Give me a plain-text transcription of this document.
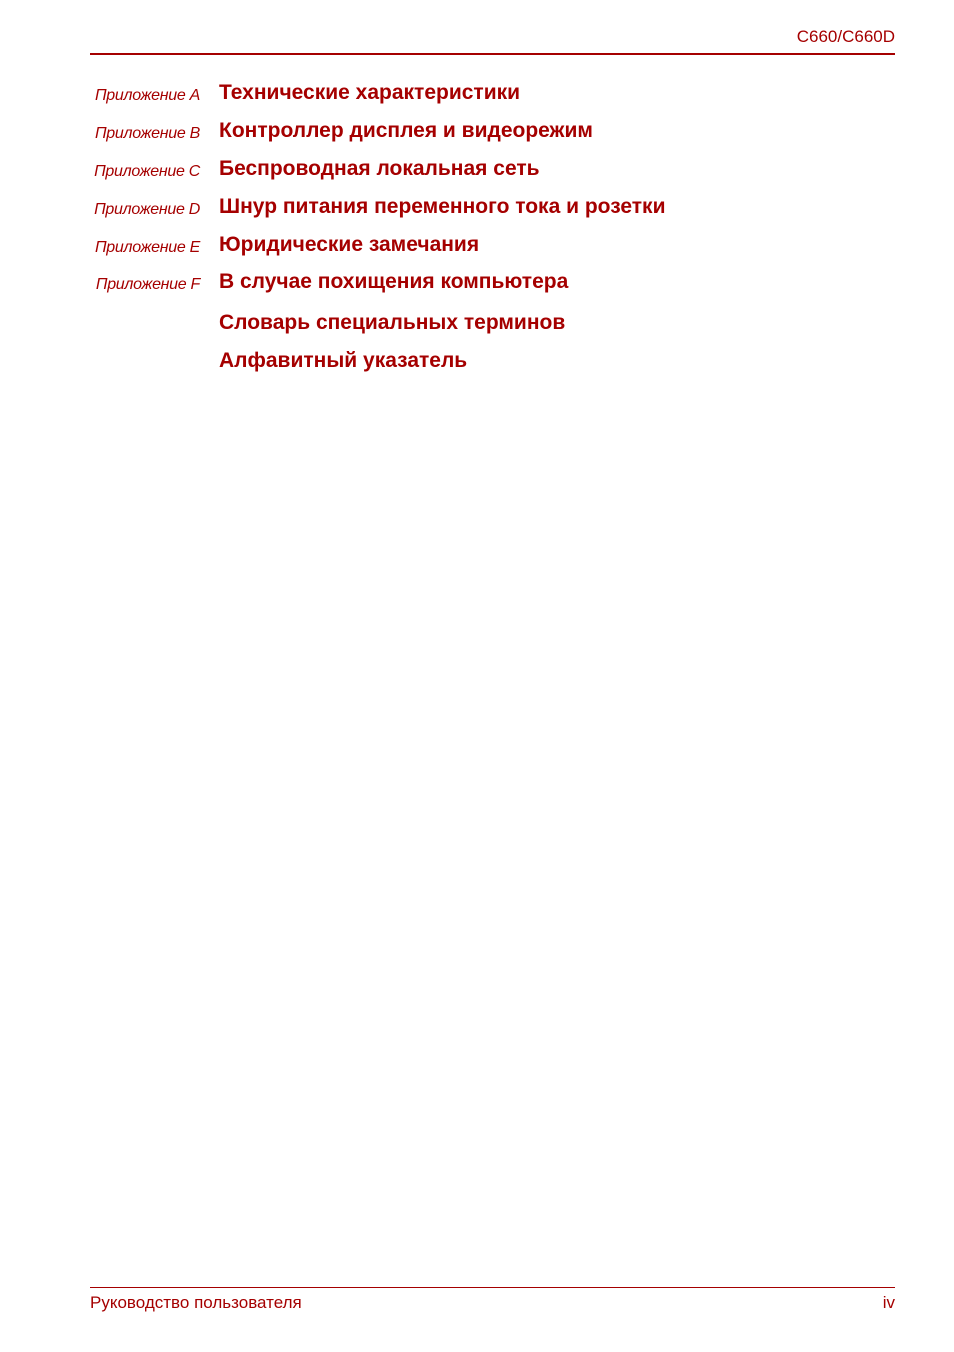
C660/C660D
Приложение A Технические характеристики
Приложение B Контроллер дисплея и видеорежим
Приложение C Беспроводная локальная сеть
Приложение D Шнур питания переменного тока и розетки
Приложение E Юридические замечания
Приложение F В случае похищения компьютера
Словарь специальных терминов
Алфавитный указатель
Руководство пользователя	iv
